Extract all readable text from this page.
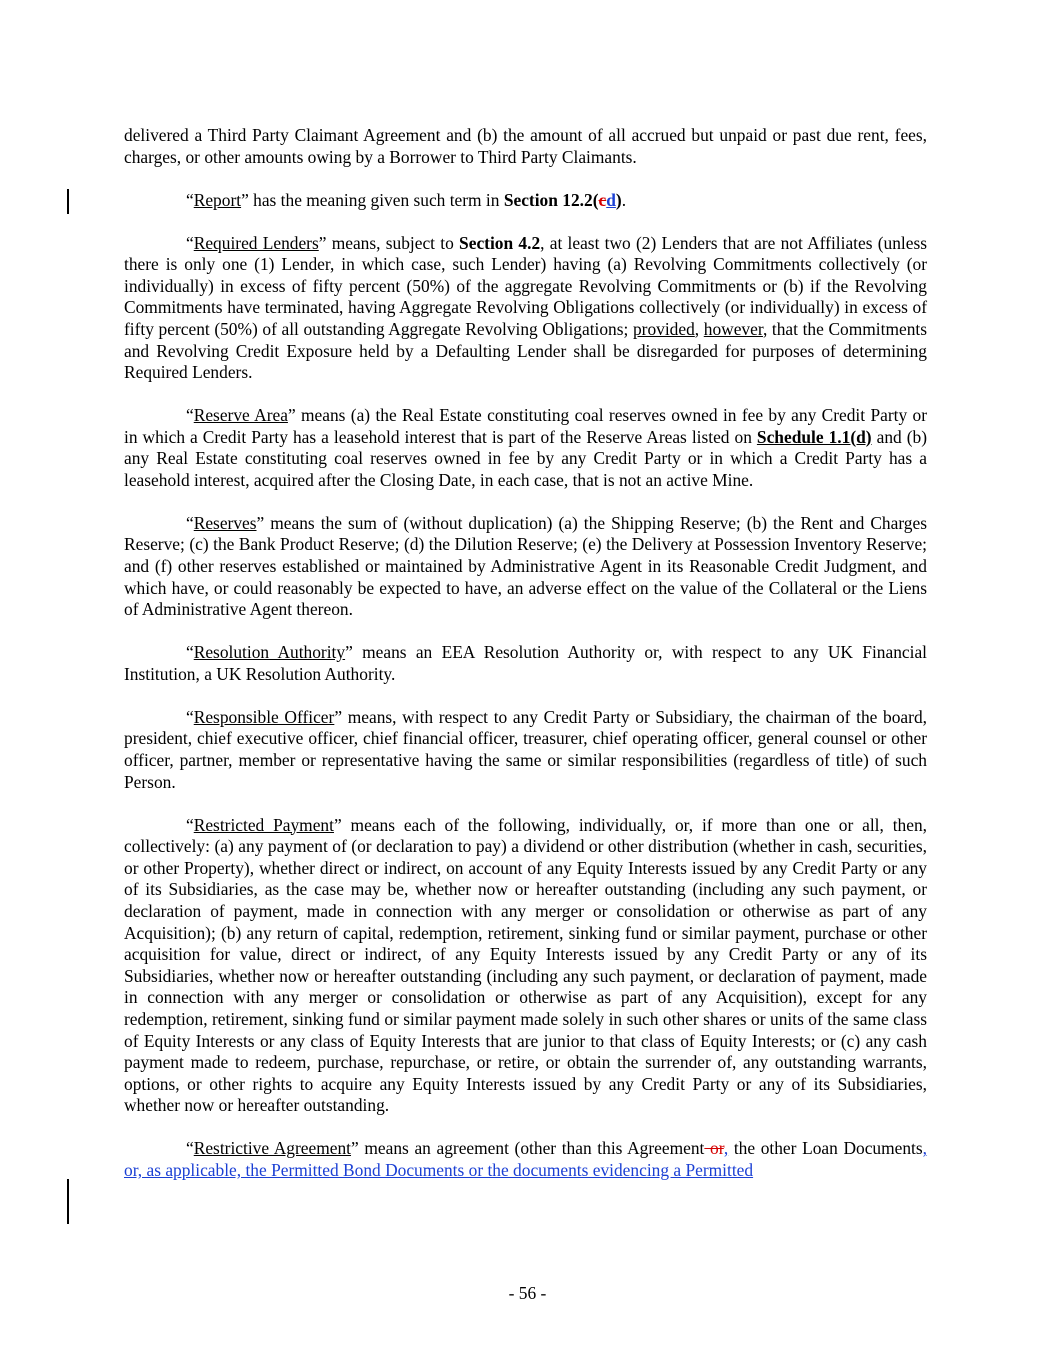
delivered a Third Party Claimant Agreement and (b) the amount of all accrued but unpaid or past due rent, fees, charges, or other amounts owing by a Borrower to Third Party Claimants.

“Report” has the meaning given such term in Section 12.2(cd).

“Required Lenders” means, subject to Section 4.2, at least two (2) Lenders that are not Affiliates (unless there is only one (1) Lender, in which case, such Lender) having (a) Revolving Commitments collectively (or individually) in excess of fifty percent (50%) of the aggregate Revolving Commitments or (b) if the Revolving Commitments have terminated, having Aggregate Revolving Obligations collectively (or individually) in excess of fifty percent (50%) of all outstanding Aggregate Revolving Obligations; provided, however, that the Commitments and Revolving Credit Exposure held by a Defaulting Lender shall be disregarded for purposes of determining Required Lenders.

“Reserve Area” means (a) the Real Estate constituting coal reserves owned in fee by any Credit Party or in which a Credit Party has a leasehold interest that is part of the Reserve Areas listed on Schedule 1.1(d) and (b) any Real Estate constituting coal reserves owned in fee by any Credit Party or in which a Credit Party has a leasehold interest, acquired after the Closing Date, in each case, that is not an active Mine.

“Reserves” means the sum of (without duplication) (a) the Shipping Reserve; (b) the Rent and Charges Reserve; (c) the Bank Product Reserve; (d) the Dilution Reserve; (e) the Delivery at Possession Inventory Reserve; and (f) other reserves established or maintained by Administrative Agent in its Reasonable Credit Judgment, and which have, or could reasonably be expected to have, an adverse effect on the value of the Collateral or the Liens of Administrative Agent thereon.

“Resolution Authority” means an EEA Resolution Authority or, with respect to any UK Financial Institution, a UK Resolution Authority.

“Responsible Officer” means, with respect to any Credit Party or Subsidiary, the chairman of the board, president, chief executive officer, chief financial officer, treasurer, chief operating officer, general counsel or other officer, partner, member or representative having the same or similar responsibilities (regardless of title) of such Person.

“Restricted Payment” means each of the following, individually, or, if more than one or all, then, collectively: (a) any payment of (or declaration to pay) a dividend or other distribution (whether in cash, securities, or other Property), whether direct or indirect, on account of any Equity Interests issued by any Credit Party or any of its Subsidiaries, as the case may be, whether now or hereafter outstanding (including any such payment, or declaration of payment, made in connection with any merger or consolidation or otherwise as part of any Acquisition); (b) any return of capital, redemption, retirement, sinking fund or similar payment, purchase or other acquisition for value, direct or indirect, of any Equity Interests issued by any Credit Party or any of its Subsidiaries, whether now or hereafter outstanding (including any such payment, or declaration of payment, made in connection with any merger or consolidation or otherwise as part of any Acquisition), except for any redemption, retirement, sinking fund or similar payment made solely in such other shares or units of the same class of Equity Interests or any class of Equity Interests that are junior to that class of Equity Interests; or (c) any cash payment made to redeem, purchase, repurchase, or retire, or obtain the surrender of, any outstanding warrants, options, or other rights to acquire any Equity Interests issued by any Credit Party or any of its Subsidiaries, whether now or hereafter outstanding.

“Restrictive Agreement” means an agreement (other than this Agreement or, the other Loan Documents, or, as applicable, the Permitted Bond Documents or the documents evidencing a Permitted

- 56 -
